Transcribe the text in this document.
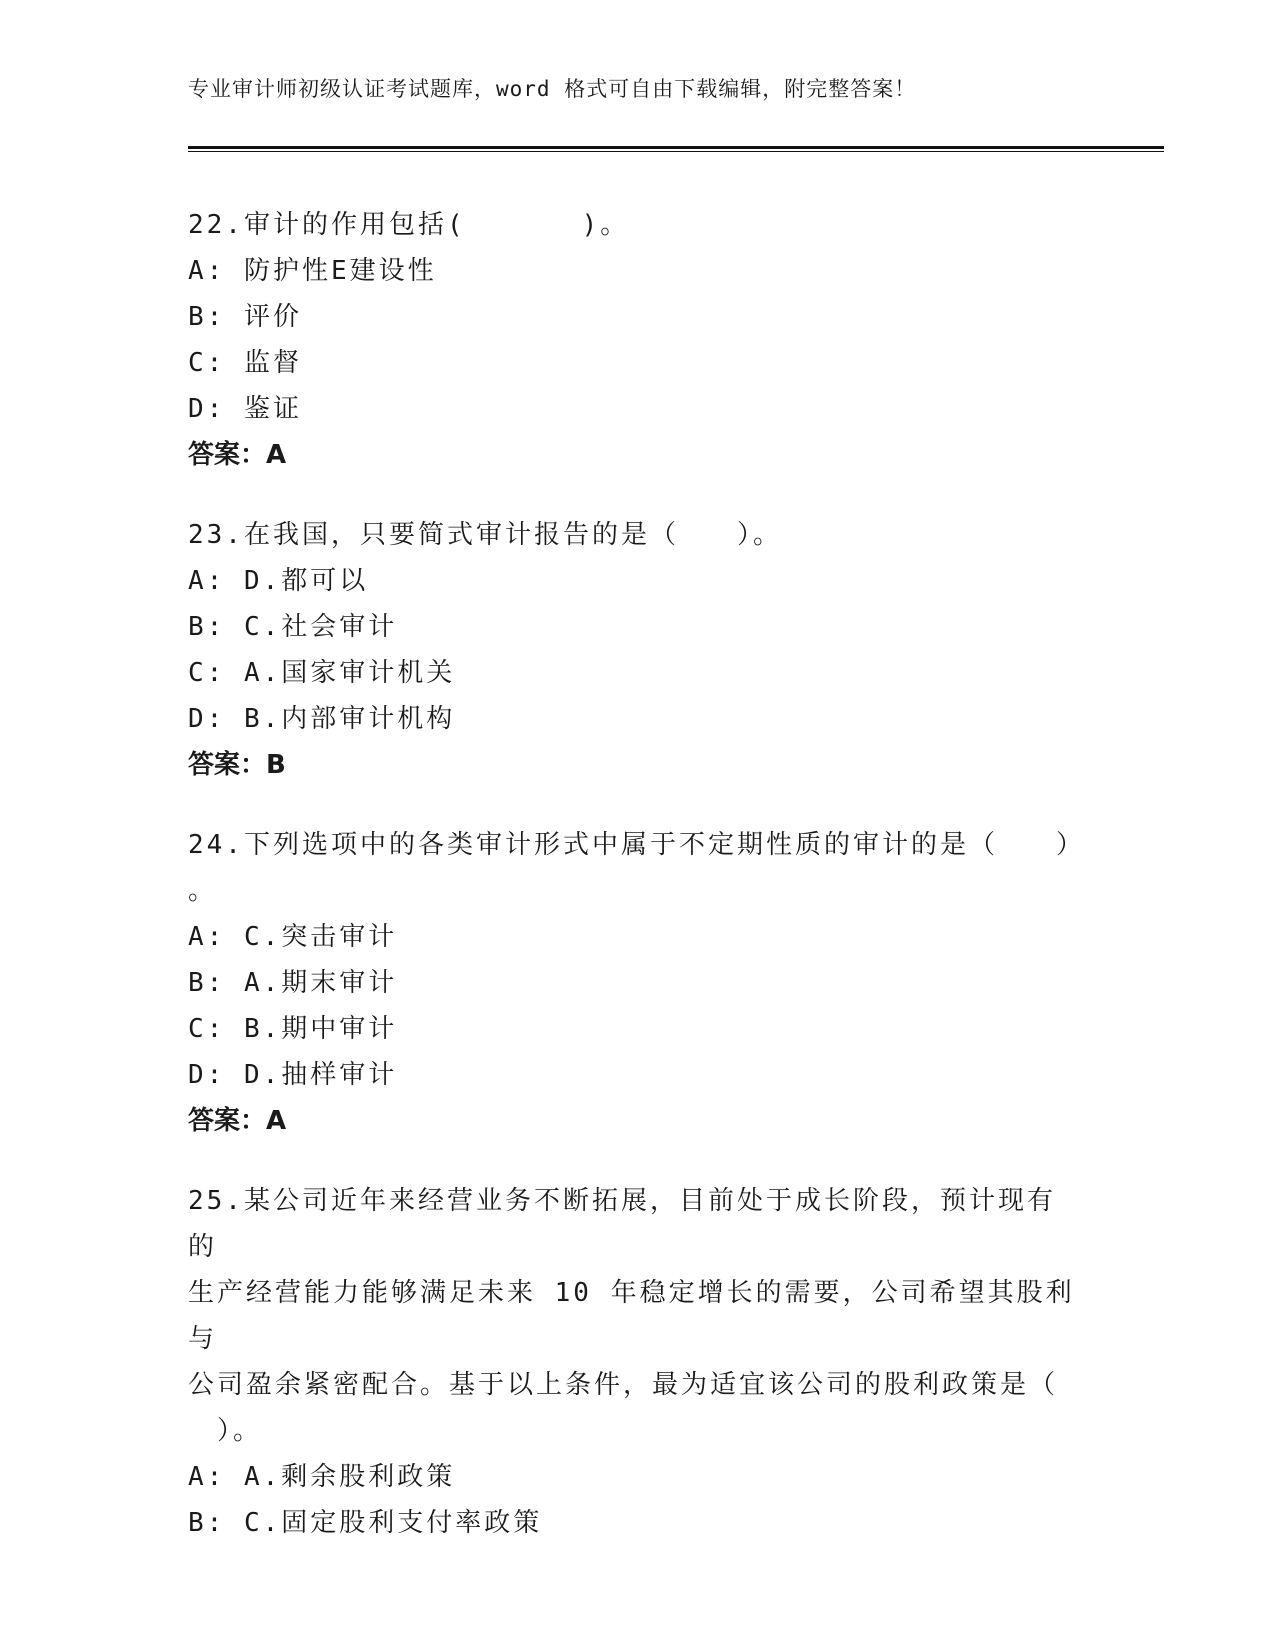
专业审计师初级认证考试题库，word 格式可自由下载编辑，附完整答案！
22.审计的作用包括(　　　　)。
A: 防护性E建设性
B: 评价
C: 监督
D: 鉴证
答案：A
23.在我国，只要简式审计报告的是（　　）。
A: D.都可以
B: C.社会审计
C: A.国家审计机关
D: B.内部审计机构
答案：B
24.下列选项中的各类审计形式中属于不定期性质的审计的是（　　）
。
A: C.突击审计
B: A.期末审计
C: B.期中审计
D: D.抽样审计
答案：A
25.某公司近年来经营业务不断拓展，目前处于成长阶段，预计现有的
生产经营能力能够满足未来 10 年稳定增长的需要，公司希望其股利与
公司盈余紧密配合。基于以上条件，最为适宜该公司的股利政策是（
　）。
A: A.剩余股利政策
B: C.固定股利支付率政策
